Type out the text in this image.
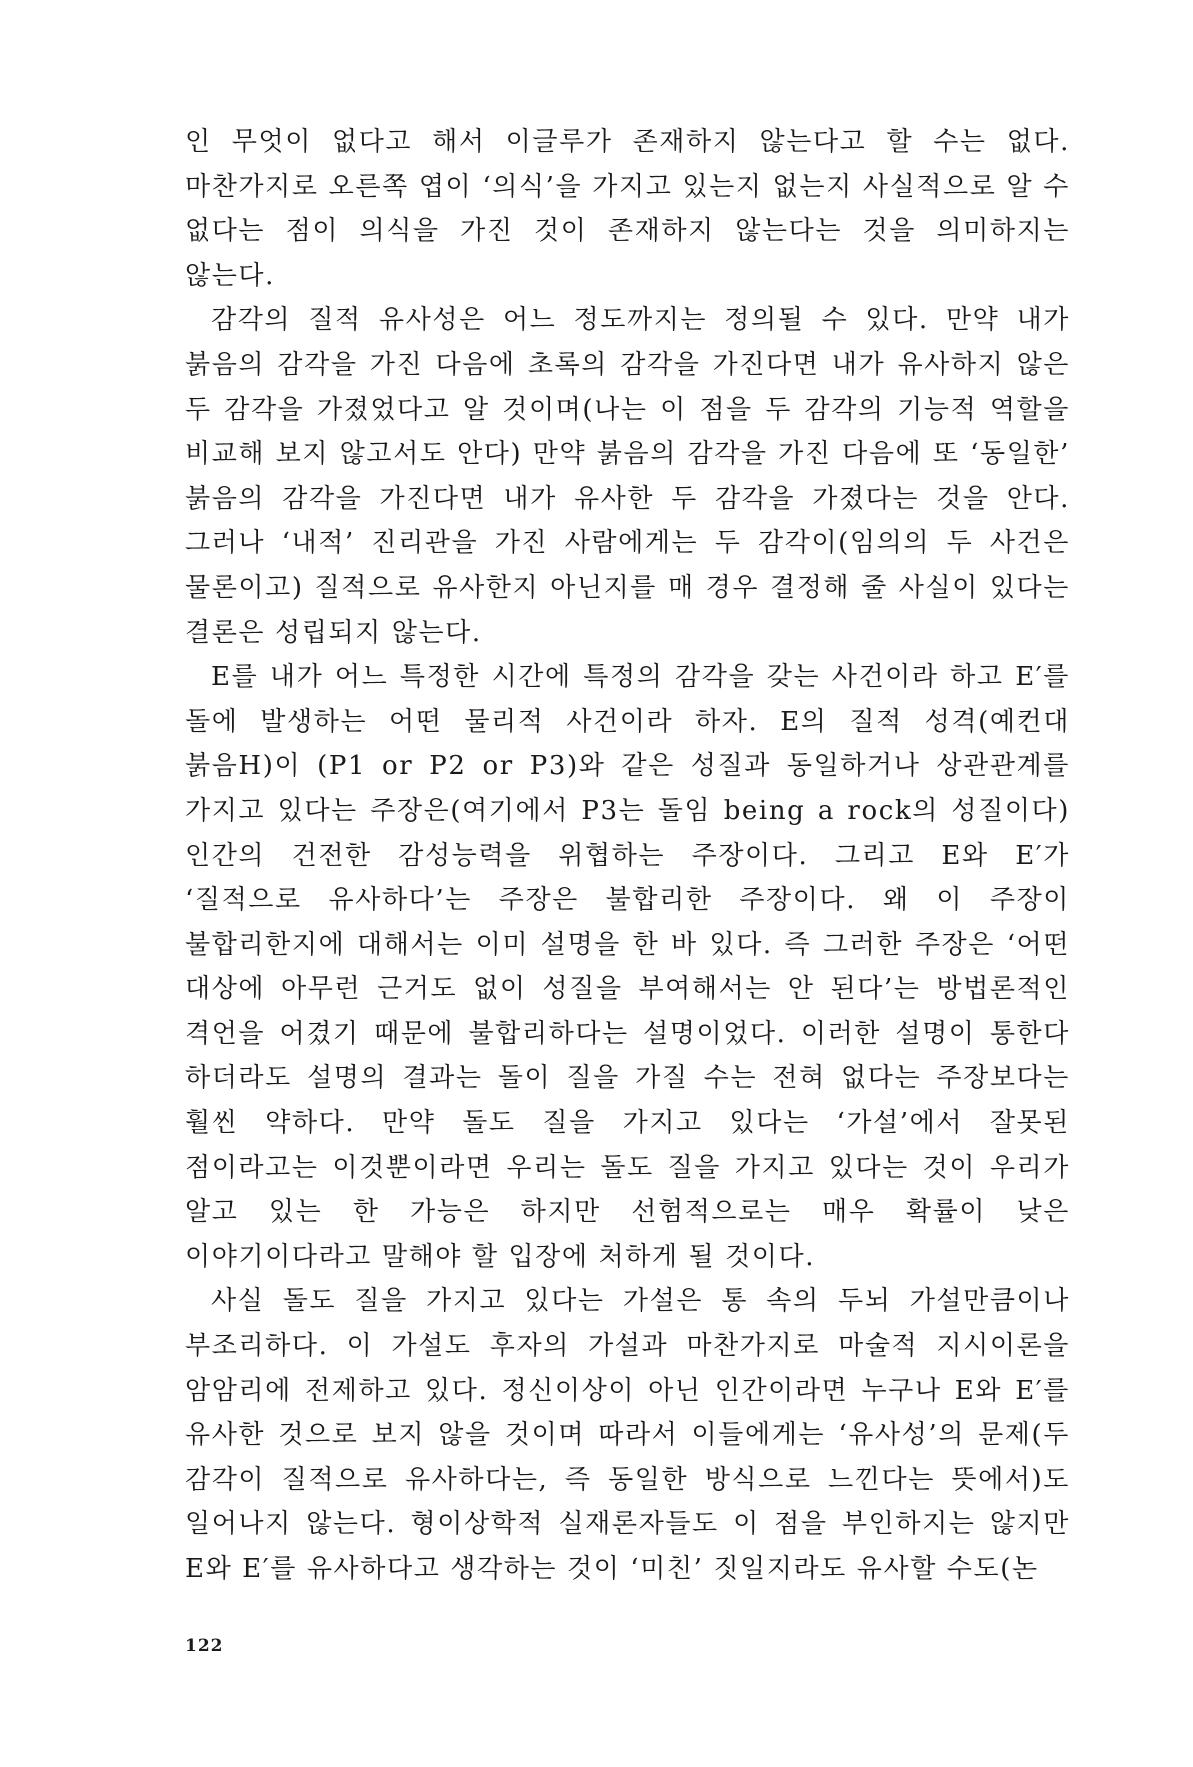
인 무엇이 없다고 해서 이글루가 존재하지 않는다고 할 수는 없다. 마찬가지로 오른쪽 엽이 ‘의식’을 가지고 있는지 없는지 사실적으로 알 수 없다는 점이 의식을 가진 것이 존재하지 않는다는 것을 의미하지는 않는다.

감각의 질적 유사성은 어느 정도까지는 정의될 수 있다. 만약 내가 붉음의 감각을 가진 다음에 초록의 감각을 가진다면 내가 유사하지 않은 두 감각을 가졌었다고 알 것이며(나는 이 점을 두 감각의 기능적 역할을 비교해 보지 않고서도 안다) 만약 붉음의 감각을 가진 다음에 또 ‘동일한’ 붉음의 감각을 가진다면 내가 유사한 두 감각을 가졌다는 것을 안다. 그러나 ‘내적’ 진리관을 가진 사람에게는 두 감각이(임의의 두 사건은 물론이고) 질적으로 유사한지 아닌지를 매 경우 결정해 줄 사실이 있다는 결론은 성립되지 않는다.

E를 내가 어느 특정한 시간에 특정의 감각을 갖는 사건이라 하고 E′를 돌에 발생하는 어떤 물리적 사건이라 하자. E의 질적 성격(예컨대 붉음H)이 (P1 or P2 or P3)와 같은 성질과 동일하거나 상관관계를 가지고 있다는 주장은(여기에서 P3는 돌임 being a rock의 성질이다) 인간의 건전한 감성능력을 위협하는 주장이다. 그리고 E와 E′가 ‘질적으로 유사하다’는 주장은 불합리한 주장이다. 왜 이 주장이 불합리한지에 대해서는 이미 설명을 한 바 있다. 즉 그러한 주장은 ‘어떤 대상에 아무런 근거도 없이 성질을 부여해서는 안 된다’는 방법론적인 격언을 어겼기 때문에 불합리하다는 설명이었다. 이러한 설명이 통한다 하더라도 설명의 결과는 돌이 질을 가질 수는 전혀 없다는 주장보다는 훨씬 약하다. 만약 돌도 질을 가지고 있다는 ‘가설’에서 잘못된 점이라고는 이것뿐이라면 우리는 돌도 질을 가지고 있다는 것이 우리가 알고 있는 한 가능은 하지만 선험적으로는 매우 확률이 낮은 이야기이다라고 말해야 할 입장에 처하게 될 것이다.

사실 돌도 질을 가지고 있다는 가설은 통 속의 두뇌 가설만큼이나 부조리하다. 이 가설도 후자의 가설과 마찬가지로 마술적 지시이론을 암암리에 전제하고 있다. 정신이상이 아닌 인간이라면 누구나 E와 E′를 유사한 것으로 보지 않을 것이며 따라서 이들에게는 ‘유사성’의 문제(두 감각이 질적으로 유사하다는, 즉 동일한 방식으로 느낀다는 뜻에서)도 일어나지 않는다. 형이상학적 실재론자들도 이 점을 부인하지는 않지만 E와 E′를 유사하다고 생각하는 것이 ‘미친’ 짓일지라도 유사할 수도(논

122
